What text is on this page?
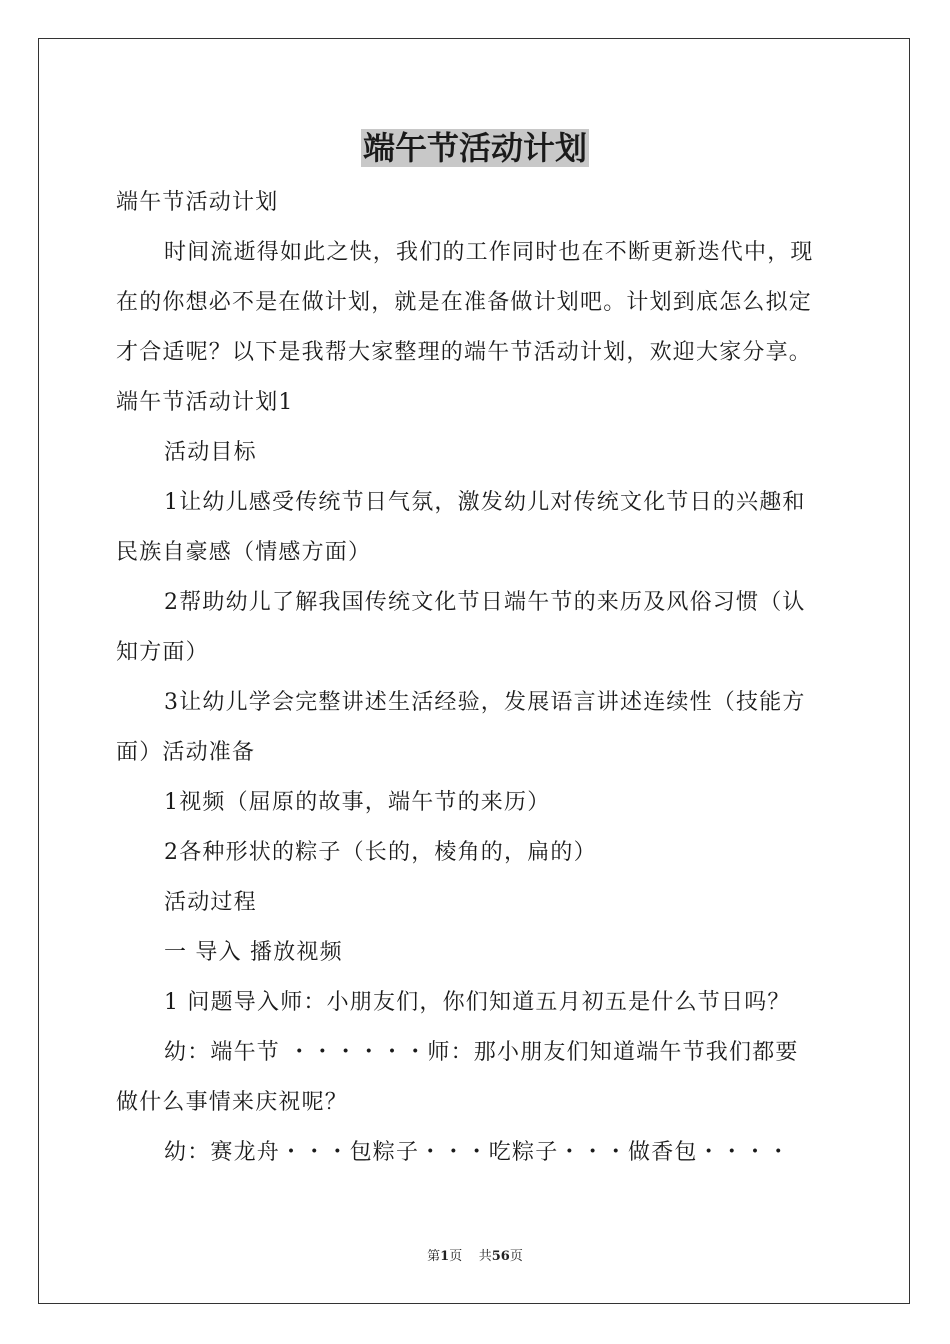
端午节活动计划

端午节活动计划

时间流逝得如此之快，我们的工作同时也在不断更新迭代中，现

在的你想必不是在做计划，就是在准备做计划吧。计划到底怎么拟定

才合适呢？以下是我帮大家整理的端午节活动计划，欢迎大家分享。

端午节活动计划1

活动目标

1让幼儿感受传统节日气氛，激发幼儿对传统文化节日的兴趣和

民族自豪感（情感方面）

2帮助幼儿了解我国传统文化节日端午节的来历及风俗习惯（认

知方面）

3让幼儿学会完整讲述生活经验，发展语言讲述连续性（技能方

面）活动准备

1视频（屈原的故事，端午节的来历）

2各种形状的粽子（长的，棱角的，扁的）

活动过程

一 导入 播放视频

1 问题导入师：小朋友们，你们知道五月初五是什么节日吗？

幼：端午节 ・・・・・・师：那小朋友们知道端午节我们都要

做什么事情来庆祝呢？

幼：赛龙舟・・・包粽子・・・吃粽子・・・做香包・・・・

第1页 共56页
